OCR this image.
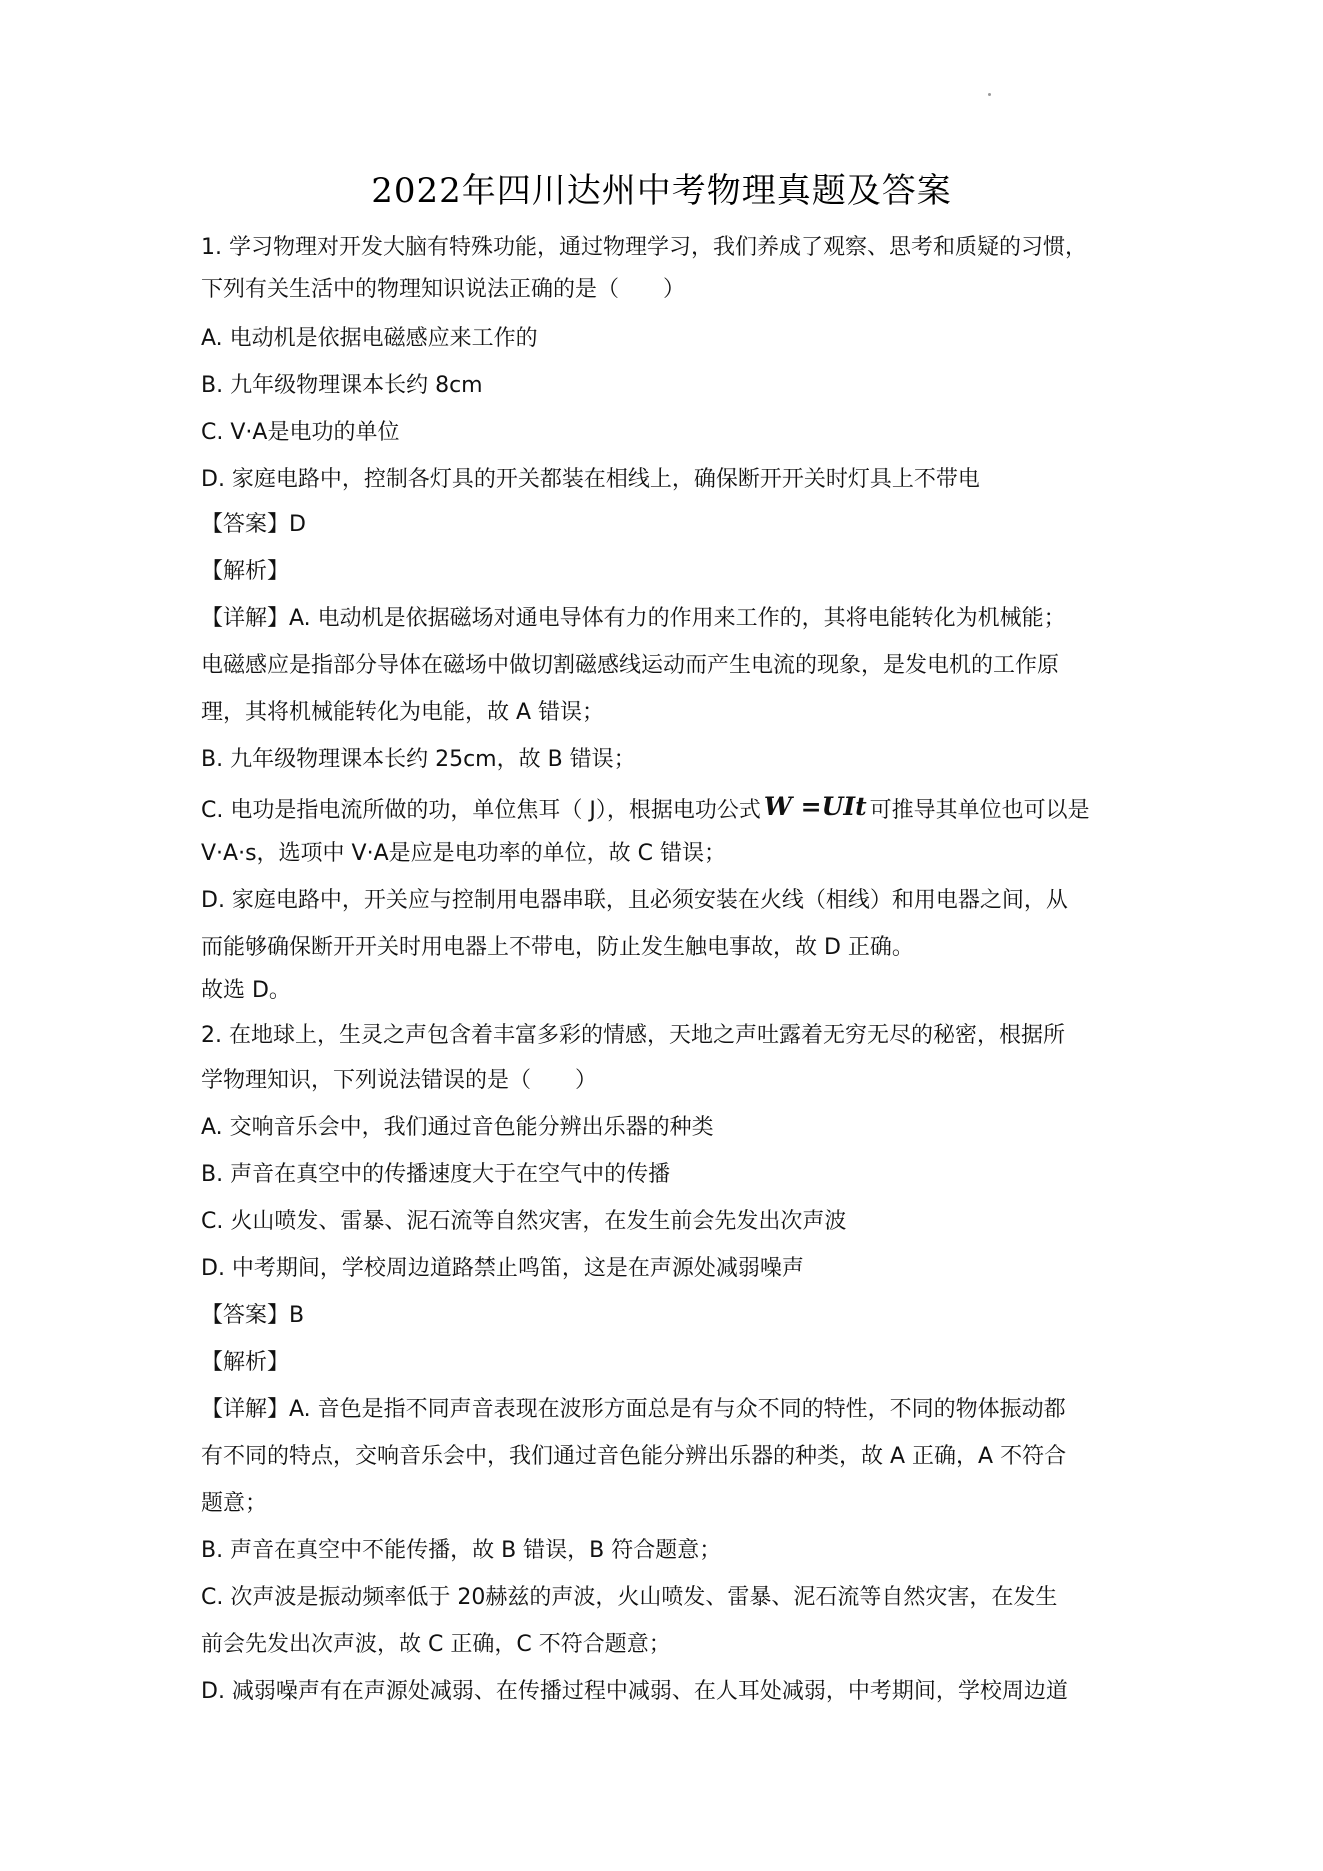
2022年四川达州中考物理真题及答案
1. 学习物理对开发大脑有特殊功能，通过物理学习，我们养成了观察、思考和质疑的习惯，
下列有关生活中的物理知识说法正确的是（　　）
A. 电动机是依据电磁感应来工作的
B. 九年级物理课本长约 8cm
C. V·A是电功的单位
D. 家庭电路中，控制各灯具的开关都装在相线上，确保断开开关时灯具上不带电
【答案】D
【解析】
【详解】A. 电动机是依据磁场对通电导体有力的作用来工作的，其将电能转化为机械能；
电磁感应是指部分导体在磁场中做切割磁感线运动而产生电流的现象，是发电机的工作原
理，其将机械能转化为电能，故 A 错误；
B. 九年级物理课本长约 25cm，故 B 错误；
C. 电功是指电流所做的功，单位焦耳（ J），根据电功公式 W =UIt 可推导其单位也可以是
V·A·s，选项中 V·A是应是电功率的单位，故 C 错误；
D. 家庭电路中，开关应与控制用电器串联，且必须安装在火线（相线）和用电器之间，从
而能够确保断开开关时用电器上不带电，防止发生触电事故，故 D 正确。
故选 D。
2. 在地球上，生灵之声包含着丰富多彩的情感，天地之声吐露着无穷无尽的秘密，根据所
学物理知识，下列说法错误的是（　　）
A. 交响音乐会中，我们通过音色能分辨出乐器的种类
B. 声音在真空中的传播速度大于在空气中的传播
C. 火山喷发、雷暴、泥石流等自然灾害，在发生前会先发出次声波
D. 中考期间，学校周边道路禁止鸣笛，这是在声源处减弱噪声
【答案】B
【解析】
【详解】A. 音色是指不同声音表现在波形方面总是有与众不同的特性，不同的物体振动都
有不同的特点，交响音乐会中，我们通过音色能分辨出乐器的种类，故 A 正确，A 不符合
题意；
B. 声音在真空中不能传播，故 B 错误，B 符合题意；
C. 次声波是振动频率低于 20赫兹的声波，火山喷发、雷暴、泥石流等自然灾害，在发生
前会先发出次声波，故 C 正确，C 不符合题意；
D. 减弱噪声有在声源处减弱、在传播过程中减弱、在人耳处减弱，中考期间，学校周边道
